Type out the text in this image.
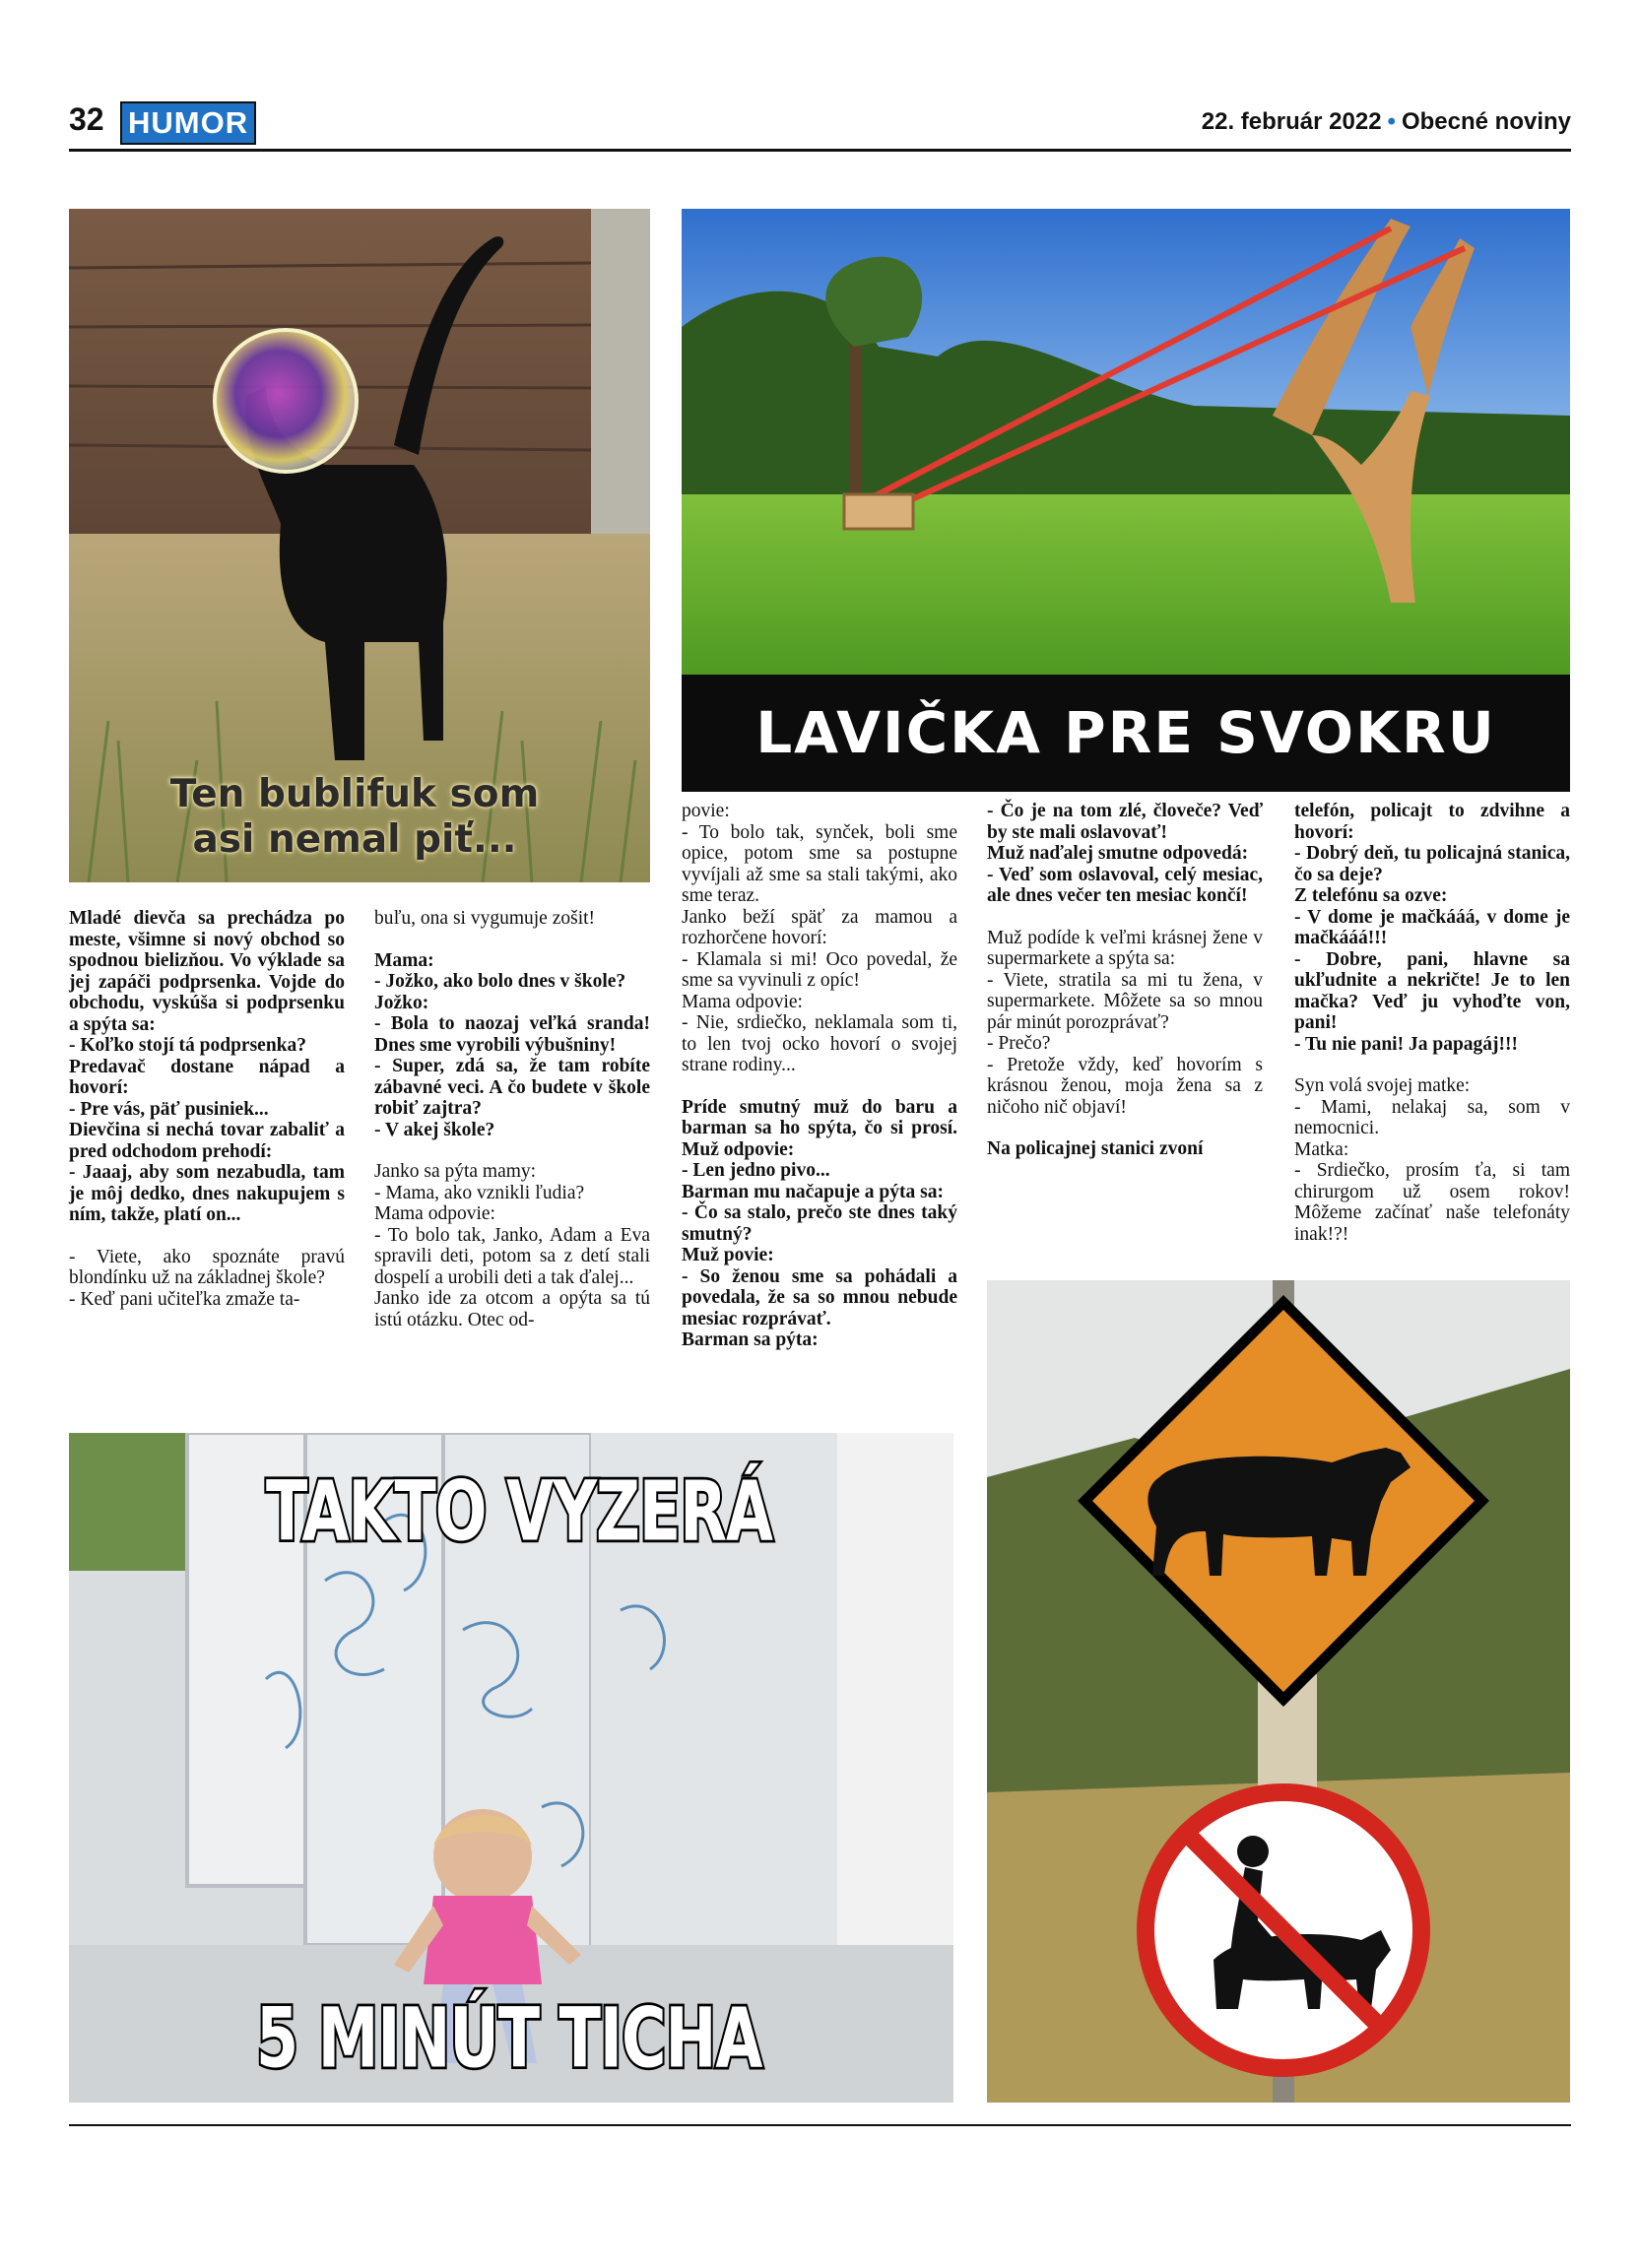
32 HUMOR	22. február 2022 • Obecné noviny
Ten bublifuk som
asi nemal piť...
LAVIČKA PRE SVOKRU

Mladé dievča sa prechádza po meste, všimne si nový obchod so spodnou bielizňou. Vo výklade sa jej zapáči podprsenka. Vojde do obchodu, vyskúša si podprsenku a spýta sa:

- Koľko stojí tá podprsenka?

Predavač dostane nápad a hovorí:

- Pre vás, päť pusiniek...

Dievčina si nechá tovar zabaliť a pred odchodom prehodí:

- Jaaaj, aby som nezabudla, tam je môj dedko, dnes nakupujem s ním, takže, platí on...

- Viete, ako spoznáte pravú blondínku už na základnej škole?

- Keď pani učiteľka zmaže ta-

buľu, ona si vygumuje zošit!

Mama:

- Jožko, ako bolo dnes v škole?

Jožko:

- Bola to naozaj veľká sranda! Dnes sme vyrobili výbušniny!

- Super, zdá sa, že tam robíte zábavné veci. A čo budete v škole robiť zajtra?

- V akej škole?

Janko sa pýta mamy:

- Mama, ako vznikli ľudia?

Mama odpovie:

- To bolo tak, Janko, Adam a Eva spravili deti, potom sa z detí stali dospelí a urobili deti a tak ďalej...

Janko ide za otcom a opýta sa tú istú otázku. Otec od-

povie:

- To bolo tak, synček, boli sme opice, potom sme sa postupne vyvíjali až sme sa stali takými, ako sme teraz.

Janko beží späť za mamou a rozhorčene hovorí:

- Klamala si mi! Oco povedal, že sme sa vyvinuli z opíc!

Mama odpovie:

- Nie, srdiečko, neklamala som ti, to len tvoj ocko hovorí o svojej strane rodiny...

Príde smutný muž do baru a barman sa ho spýta, čo si prosí. Muž odpovie:

- Len jedno pivo...

Barman mu načapuje a pýta sa:

- Čo sa stalo, prečo ste dnes taký smutný?

Muž povie:

- So ženou sme sa pohádali a povedala, že sa so mnou nebude mesiac rozprávať.

Barman sa pýta:

- Čo je na tom zlé, človeče? Veď by ste mali oslavovať!

Muž naďalej smutne odpovedá:

- Veď som oslavoval, celý mesiac, ale dnes večer ten mesiac končí!

Muž podíde k veľmi krásnej žene v supermarkete a spýta sa:

- Viete, stratila sa mi tu žena, v supermarkete. Môžete sa so mnou pár minút porozprávať?

- Prečo?

- Pretože vždy, keď hovorím s krásnou ženou, moja žena sa z ničoho nič objaví!

Na policajnej stanici zvoní

telefón, policajt to zdvihne a hovorí:

- Dobrý deň, tu policajná stanica, čo sa deje?

Z telefónu sa ozve:

- V dome je mačkááá, v dome je mačkááá!!!

- Dobre, pani, hlavne sa ukľudnite a nekričte! Je to len mačka? Veď ju vyhoďte von, pani!

- Tu nie pani! Ja papagáj!!!

Syn volá svojej matke:

- Mami, nelakaj sa, som v nemocnici.

Matka:

- Srdiečko, prosím ťa, si tam chirurgom už osem rokov! Môžeme začínať naše telefonáty inak!?!

TAKTO VYZERÁ
5 MINÚT TICHA
